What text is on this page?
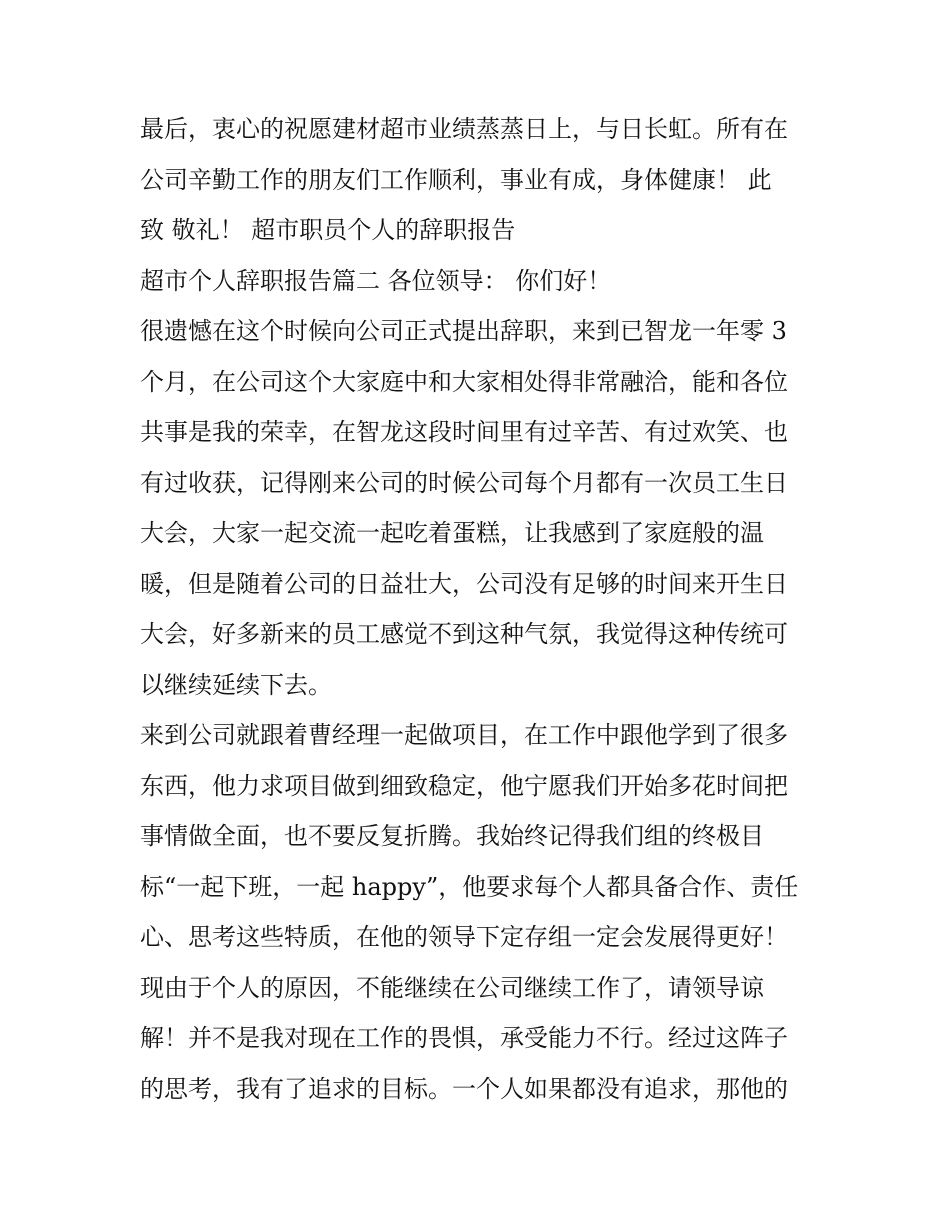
最后，衷心的祝愿建材超市业绩蒸蒸日上，与日长虹。所有在
公司辛勤工作的朋友们工作顺利，事业有成，身体健康！ 此
致 敬礼！ 超市职员个人的辞职报告
超市个人辞职报告篇二 各位领导： 你们好！
很遗憾在这个时候向公司正式提出辞职，来到已智龙一年零 3
个月，在公司这个大家庭中和大家相处得非常融洽，能和各位
共事是我的荣幸，在智龙这段时间里有过辛苦、有过欢笑、也
有过收获，记得刚来公司的时候公司每个月都有一次员工生日
大会，大家一起交流一起吃着蛋糕，让我感到了家庭般的温
暖，但是随着公司的日益壮大，公司没有足够的时间来开生日
大会，好多新来的员工感觉不到这种气氛，我觉得这种传统可
以继续延续下去。
来到公司就跟着曹经理一起做项目，在工作中跟他学到了很多
东西，他力求项目做到细致稳定，他宁愿我们开始多花时间把
事情做全面，也不要反复折腾。我始终记得我们组的终极目
标“一起下班，一起 happy”，他要求每个人都具备合作、责任
心、思考这些特质，在他的领导下定存组一定会发展得更好！
现由于个人的原因，不能继续在公司继续工作了，请领导谅
解！并不是我对现在工作的畏惧，承受能力不行。经过这阵子
的思考，我有了追求的目标。一个人如果都没有追求，那他的
